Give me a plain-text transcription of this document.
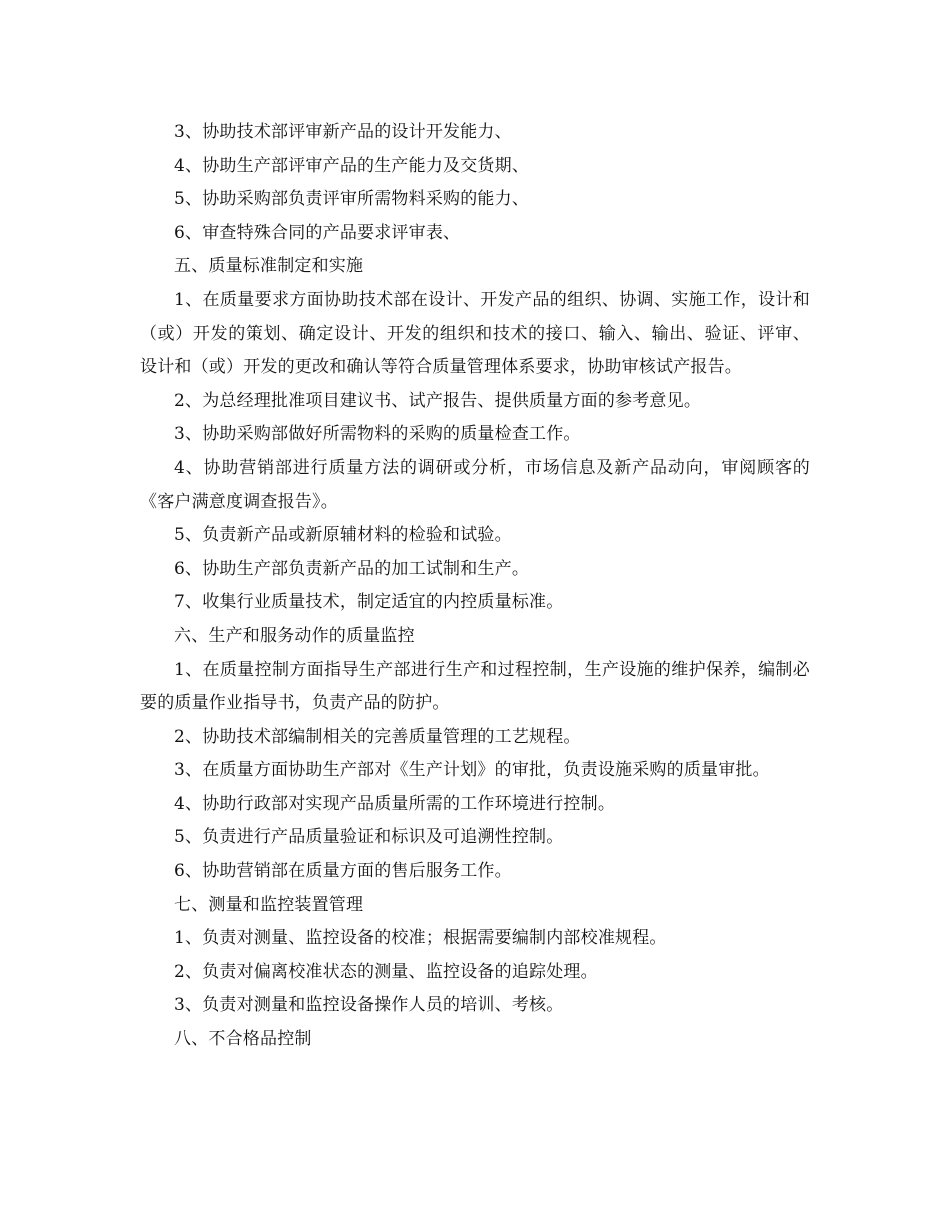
3、协助技术部评审新产品的设计开发能力、

4、协助生产部评审产品的生产能力及交货期、

5、协助采购部负责评审所需物料采购的能力、

6、审查特殊合同的产品要求评审表、

五、质量标准制定和实施

1、在质量要求方面协助技术部在设计、开发产品的组织、协调、实施工作，设计和（或）开发的策划、确定设计、开发的组织和技术的接口、输入、输出、验证、评审、设计和（或）开发的更改和确认等符合质量管理体系要求，协助审核试产报告。

2、为总经理批准项目建议书、试产报告、提供质量方面的参考意见。

3、协助采购部做好所需物料的采购的质量检查工作。

4、协助营销部进行质量方法的调研或分析，市场信息及新产品动向，审阅顾客的《客户满意度调查报告》。

5、负责新产品或新原辅材料的检验和试验。

6、协助生产部负责新产品的加工试制和生产。

7、收集行业质量技术，制定适宜的内控质量标准。

六、生产和服务动作的质量监控

1、在质量控制方面指导生产部进行生产和过程控制，生产设施的维护保养，编制必要的质量作业指导书，负责产品的防护。

2、协助技术部编制相关的完善质量管理的工艺规程。

3、在质量方面协助生产部对《生产计划》的审批，负责设施采购的质量审批。

4、协助行政部对实现产品质量所需的工作环境进行控制。

5、负责进行产品质量验证和标识及可追溯性控制。

6、协助营销部在质量方面的售后服务工作。

七、测量和监控装置管理

1、负责对测量、监控设备的校准；根据需要编制内部校准规程。

2、负责对偏离校准状态的测量、监控设备的追踪处理。

3、负责对测量和监控设备操作人员的培训、考核。

八、不合格品控制
